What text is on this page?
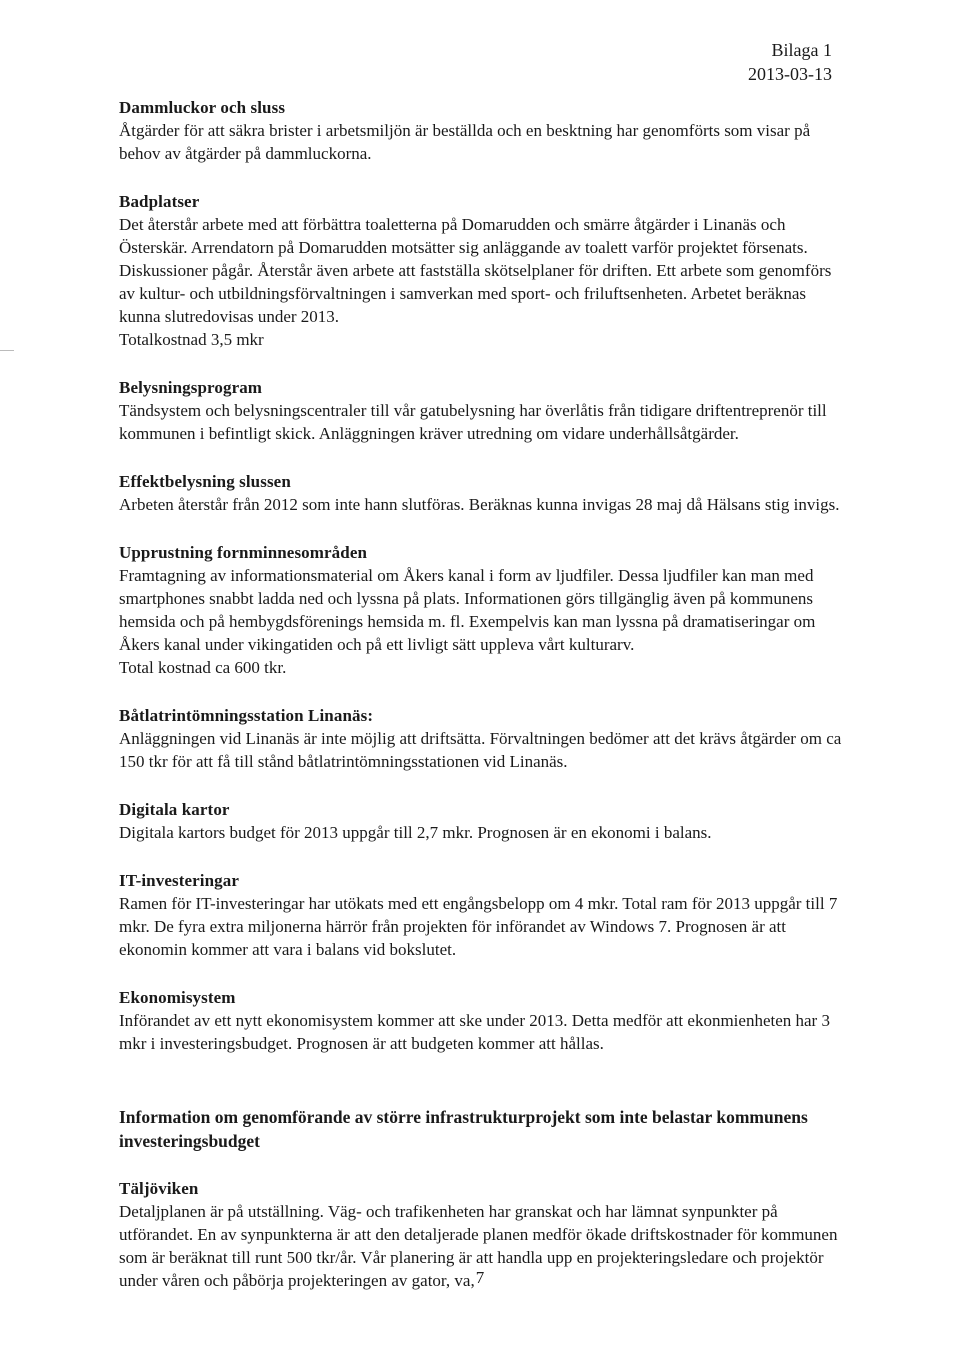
Bilaga 1
2013-03-13
Dammluckor och sluss

Åtgärder för att säkra brister i arbetsmiljön är beställda och en besktning har genomförts som visar på behov av åtgärder på dammluckorna.

Badplatser

Det återstår arbete med att förbättra toaletterna på Domarudden och smärre åtgärder i Linanäs och Österskär. Arrendatorn på Domarudden motsätter sig anläggande av toalett varför projektet försenats. Diskussioner pågår. Återstår även arbete att fastställa skötselplaner för driften. Ett arbete som genomförs av kultur- och utbildningsförvaltningen i samverkan med sport- och friluftsenheten. Arbetet beräknas kunna slutredovisas under 2013.

Totalkostnad 3,5 mkr

Belysningsprogram

Tändsystem och belysningscentraler till vår gatubelysning har överlåtis från tidigare driftentreprenör till kommunen i befintligt skick. Anläggningen kräver utredning om vidare underhållsåtgärder.

Effektbelysning slussen

Arbeten återstår från 2012 som inte hann slutföras. Beräknas kunna invigas 28 maj då Hälsans stig invigs.

Upprustning fornminnesområden

Framtagning av informationsmaterial om Åkers kanal i form av ljudfiler. Dessa ljudfiler kan man med smartphones snabbt ladda ned och lyssna på plats. Informationen görs tillgänglig även på kommunens hemsida och på hembygdsförenings hemsida m. fl. Exempelvis kan man lyssna på dramatiseringar om Åkers kanal under vikingatiden och på ett livligt sätt uppleva vårt kulturarv.

Total kostnad ca 600 tkr.

Båtlatrintömningsstation Linanäs:

Anläggningen vid Linanäs är inte möjlig att driftsätta. Förvaltningen bedömer att det krävs åtgärder om ca 150 tkr för att få till stånd båtlatrintömningsstationen vid Linanäs.

Digitala kartor

Digitala kartors budget för 2013 uppgår till 2,7 mkr. Prognosen är en ekonomi i balans.

IT-investeringar

Ramen för IT-investeringar har utökats med ett engångsbelopp om 4 mkr. Total ram för 2013 uppgår till 7 mkr. De fyra extra miljonerna härrör från projekten för införandet av Windows 7. Prognosen är att ekonomin kommer att vara i balans vid bokslutet.

Ekonomisystem

Införandet av ett nytt ekonomisystem kommer att ske under 2013. Detta medför att ekonmienheten har 3 mkr i investeringsbudget. Prognosen är att budgeten kommer att hållas.

Information om genomförande av större infrastrukturprojekt som inte belastar kommunens investeringsbudget
Täljöviken

Detaljplanen är på utställning. Väg- och trafikenheten har granskat och har lämnat synpunkter på utförandet. En av synpunkterna är att den detaljerade planen medför ökade driftskostnader för kommunen som är beräknat till runt 500 tkr/år. Vår planering är att handla upp en projekteringsledare och projektör under våren och påbörja projekteringen av gator, va, 7
